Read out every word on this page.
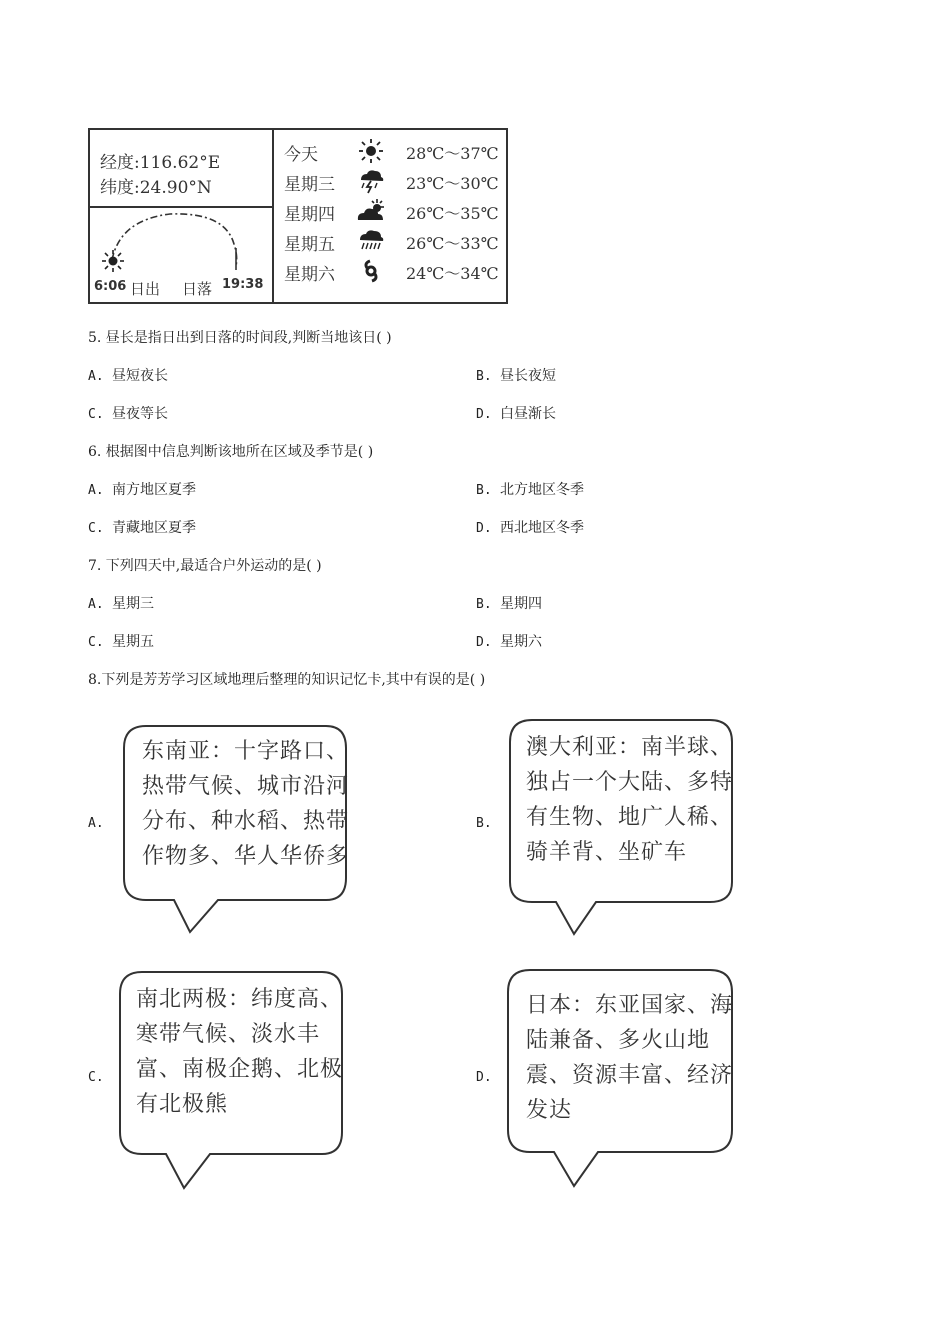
经度:116.62°E
纬度:24.90°N
6:06 日出 日落 19:38
今天	28℃～37℃
星期三	23℃～30℃
星期四	26℃～35℃
星期五	26℃～33℃
星期六	24℃～34℃
5. 昼长是指日出到日落的时间段,判断当地该日( )
A. 昼短夜长	B. 昼长夜短
C. 昼夜等长	D. 白昼渐长
6. 根据图中信息判断该地所在区域及季节是( )
A. 南方地区夏季	B. 北方地区冬季
C. 青藏地区夏季	D. 西北地区冬季
7. 下列四天中,最适合户外运动的是( )
A. 星期三	B. 星期四
C. 星期五	D. 星期六
8.下列是芳芳学习区域地理后整理的知识记忆卡,其中有误的是( )
A.
东南亚：十字路口、
热带气候、城市沿河
分布、种水稻、热带
作物多、华人华侨多
B.
澳大利亚：南半球、
独占一个大陆、多特
有生物、地广人稀、
骑羊背、坐矿车
C.
南北两极：纬度高、
寒带气候、淡水丰
富、南极企鹅、北极
有北极熊
D.
日本：东亚国家、海
陆兼备、多火山地
震、资源丰富、经济
发达
